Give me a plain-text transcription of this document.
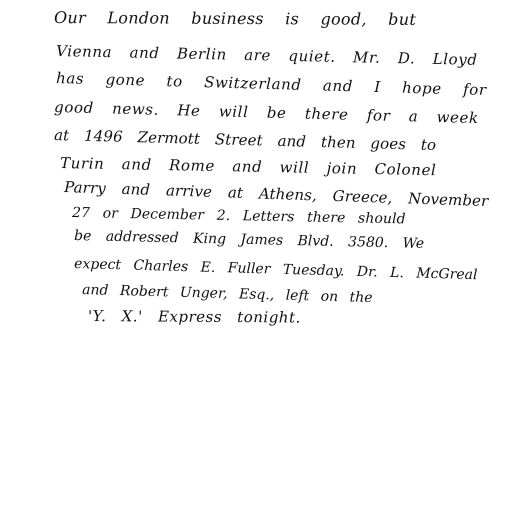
Our London business is good, but

Vienna and Berlin are quiet. Mr. D. Lloyd

has gone to Switzerland and I hope for

good news. He will be there for a week

at 1496 Zermott Street and then goes to

Turin and Rome and will join Colonel

Parry and arrive at Athens, Greece, November

27 or December 2. Letters there should

be addressed King James Blvd. 3580. We

expect Charles E. Fuller Tuesday. Dr. L. McGreal

and Robert Unger, Esq., left on the

'Y. X.' Express tonight.
